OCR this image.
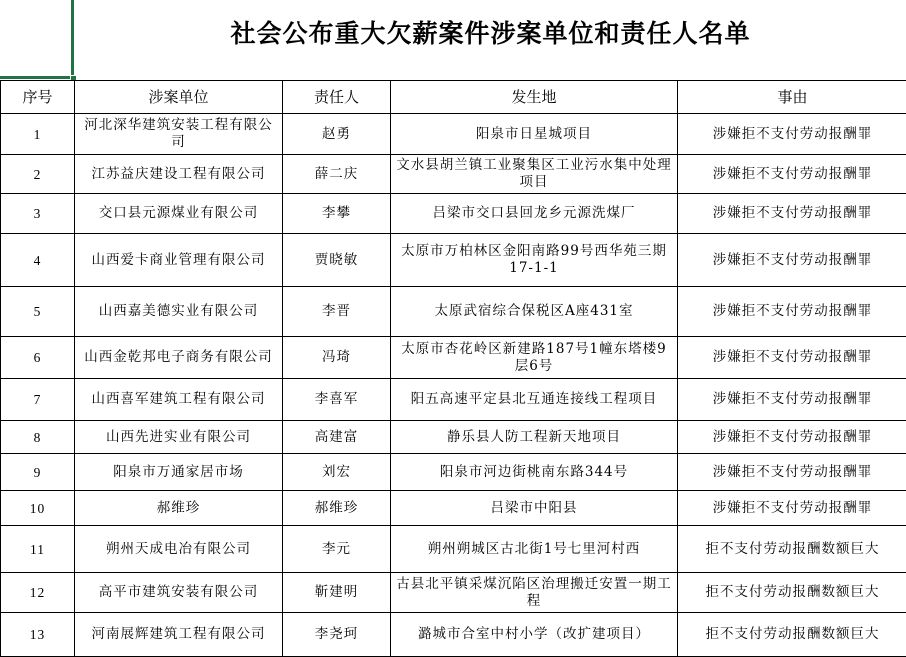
社会公布重大欠薪案件涉案单位和责任人名单
序号	涉案单位	责任人	发生地	事由
1	河北深华建筑安装工程有限公司	赵勇	阳泉市日星城项目	涉嫌拒不支付劳动报酬罪
2	江苏益庆建设工程有限公司	薛二庆	文水县胡兰镇工业聚集区工业污水集中处理项目	涉嫌拒不支付劳动报酬罪
3	交口县元源煤业有限公司	李攀	吕梁市交口县回龙乡元源洗煤厂	涉嫌拒不支付劳动报酬罪
4	山西爱卡商业管理有限公司	贾晓敏	太原市万柏林区金阳南路99号西华苑三期17-1-1	涉嫌拒不支付劳动报酬罪
5	山西嘉美德实业有限公司	李晋	太原武宿综合保税区A座431室	涉嫌拒不支付劳动报酬罪
6	山西金乾邦电子商务有限公司	冯琦	太原市杏花岭区新建路187号1幢东塔楼9层6号	涉嫌拒不支付劳动报酬罪
7	山西喜军建筑工程有限公司	李喜军	阳五高速平定县北互通连接线工程项目	涉嫌拒不支付劳动报酬罪
8	山西先进实业有限公司	高建富	静乐县人防工程新天地项目	涉嫌拒不支付劳动报酬罪
9	阳泉市万通家居市场	刘宏	阳泉市河边街桃南东路344号	涉嫌拒不支付劳动报酬罪
10	郝维珍	郝维珍	吕梁市中阳县	涉嫌拒不支付劳动报酬罪
11	朔州天成电冶有限公司	李元	朔州朔城区古北街1号七里河村西	拒不支付劳动报酬数额巨大
12	高平市建筑安装有限公司	靳建明	古县北平镇采煤沉陷区治理搬迁安置一期工程	拒不支付劳动报酬数额巨大
13	河南展辉建筑工程有限公司	李尧珂	潞城市合室中村小学（改扩建项目）	拒不支付劳动报酬数额巨大
